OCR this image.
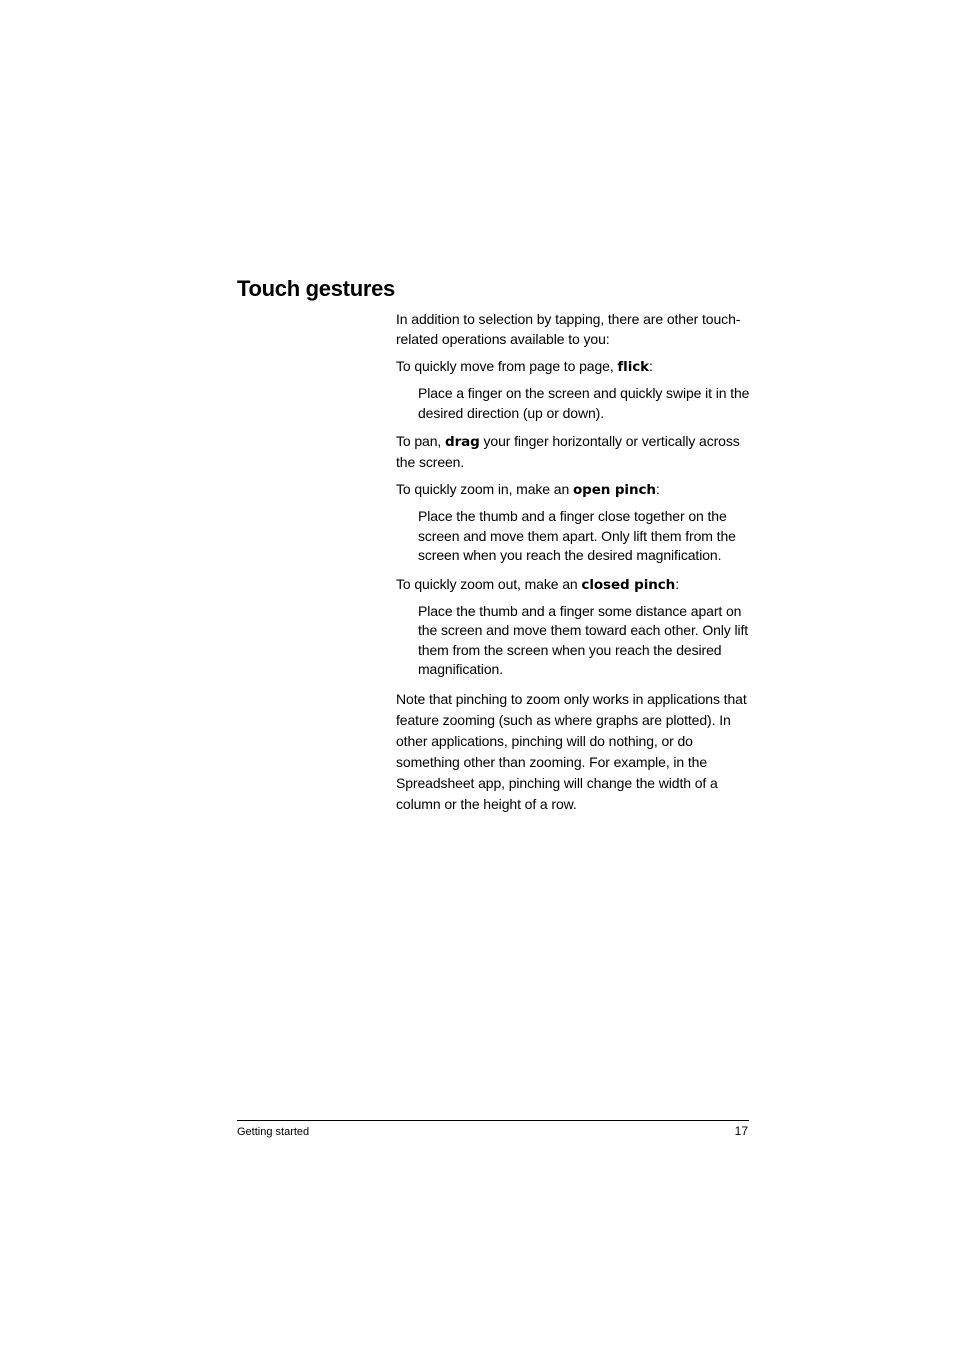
Touch gestures

In addition to selection by tapping, there are other touch-related operations available to you:

To quickly move from page to page, flick:

Place a finger on the screen and quickly swipe it in the desired direction (up or down).

To pan, drag your finger horizontally or vertically across the screen.

To quickly zoom in, make an open pinch:

Place the thumb and a finger close together on the screen and move them apart. Only lift them from the screen when you reach the desired magnification.

To quickly zoom out, make an closed pinch:

Place the thumb and a finger some distance apart on the screen and move them toward each other. Only lift them from the screen when you reach the desired magnification.

Note that pinching to zoom only works in applications that feature zooming (such as where graphs are plotted). In other applications, pinching will do nothing, or do something other than zooming. For example, in the Spreadsheet app, pinching will change the width of a column or the height of a row.

Getting started	17
